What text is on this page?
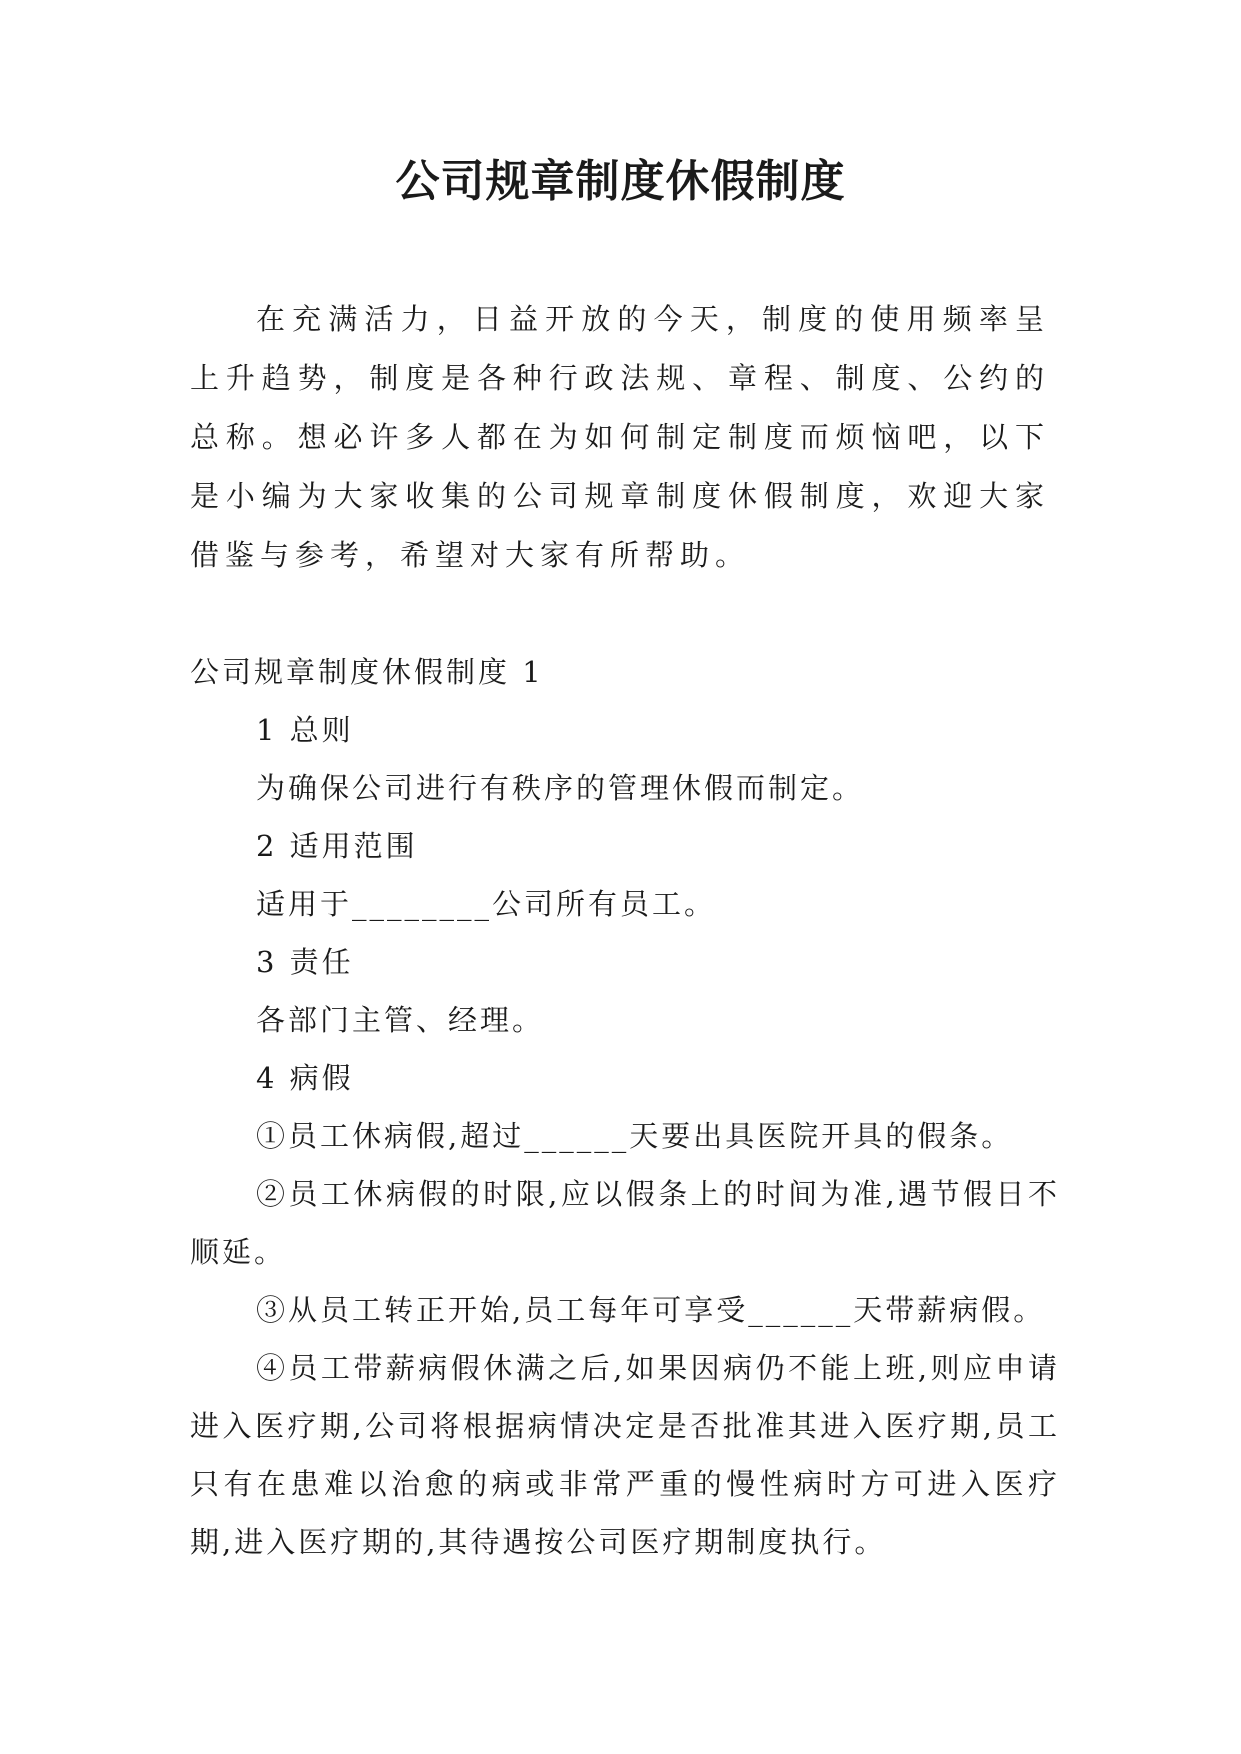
公司规章制度休假制度

在充满活力，日益开放的今天，制度的使用频率呈上升趋势，制度是各种行政法规、章程、制度、公约的总称。想必许多人都在为如何制定制度而烦恼吧，以下是小编为大家收集的公司规章制度休假制度，欢迎大家借鉴与参考，希望对大家有所帮助。

公司规章制度休假制度 1

1 总则

为确保公司进行有秩序的管理休假而制定。

2 适用范围

适用于________公司所有员工。

3 责任

各部门主管、经理。

4 病假

①员工休病假,超过______天要出具医院开具的假条。

②员工休病假的时限,应以假条上的时间为准,遇节假日不顺延。

③从员工转正开始,员工每年可享受______天带薪病假。

④员工带薪病假休满之后,如果因病仍不能上班,则应申请进入医疗期,公司将根据病情决定是否批准其进入医疗期,员工只有在患难以治愈的病或非常严重的慢性病时方可进入医疗期,进入医疗期的,其待遇按公司医疗期制度执行。
